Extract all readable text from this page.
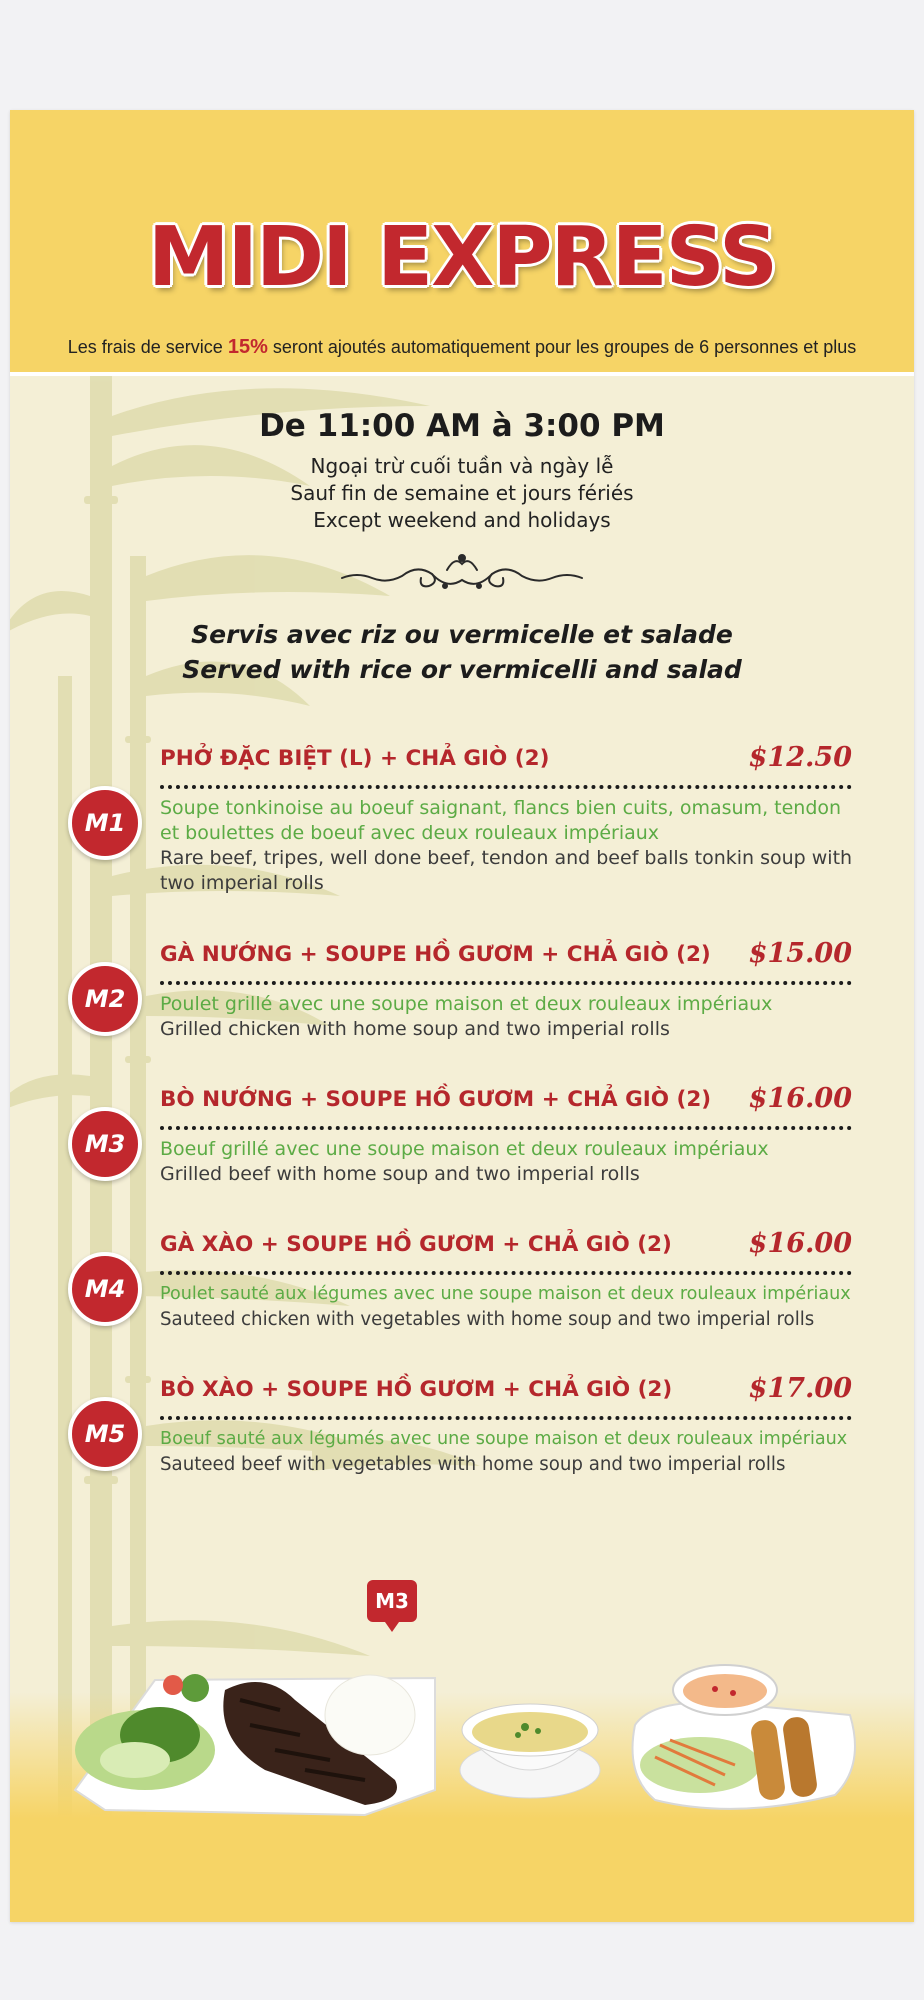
MIDI EXPRESS
Les frais de service 15% seront ajoutés automatiquement pour les groupes de 6 personnes et plus
De 11:00 AM à 3:00 PM
Ngoại trừ cuối tuần và ngày lễ
Sauf fin de semaine et jours fériés
Except weekend and holidays
Servis avec riz ou vermicelle et salade
Served with rice or vermicelli and salad
M1
PHỞ ĐẶC BIỆT (L) + CHẢ GIÒ (2)	$12.50
Soupe tonkinoise au boeuf saignant, flancs bien cuits, omasum, tendon et boulettes de boeuf avec deux rouleaux impériaux
Rare beef, tripes, well done beef, tendon and beef balls tonkin soup with two imperial rolls
M2
GÀ NƯỚNG + SOUPE HỒ GƯƠM + CHẢ GIÒ (2)	$15.00
Poulet grillé avec une soupe maison et deux rouleaux impériaux
Grilled chicken with home soup and two imperial rolls
M3
BÒ NƯỚNG + SOUPE HỒ GƯƠM + CHẢ GIÒ (2)	$16.00
Boeuf grillé avec une soupe maison et deux rouleaux impériaux
Grilled beef with home soup and two imperial rolls
M4
GÀ XÀO + SOUPE HỒ GƯƠM + CHẢ GIÒ (2)	$16.00
Poulet sauté aux légumes avec une soupe maison et deux rouleaux impériaux
Sauteed chicken with vegetables with home soup and two imperial rolls
M5
BÒ XÀO + SOUPE HỒ GƯƠM + CHẢ GIÒ (2)	$17.00
Boeuf sauté aux légumés avec une soupe maison et deux rouleaux impériaux
Sauteed beef with vegetables with home soup and two imperial rolls
M3
